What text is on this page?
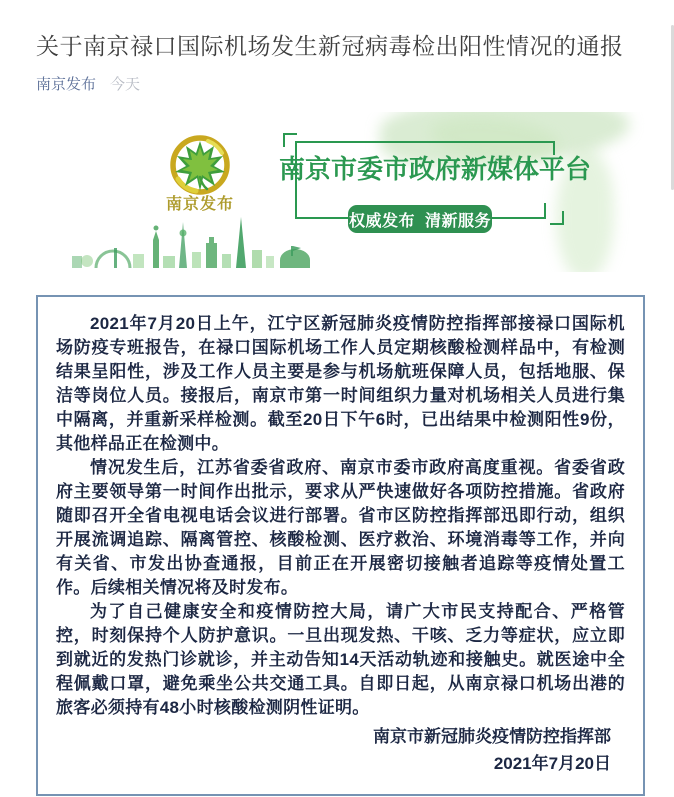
关于南京禄口国际机场发生新冠病毒检出阳性情况的通报
南京发布 今天
南京发布
南京市委市政府新媒体平台
权威发布  清新服务

2021年7月20日上午，江宁区新冠肺炎疫情防控指挥部接禄口国际机场防疫专班报告，在禄口国际机场工作人员定期核酸检测样品中，有检测结果呈阳性，涉及工作人员主要是参与机场航班保障人员，包括地服、保洁等岗位人员。接报后，南京市第一时间组织力量对机场相关人员进行集中隔离，并重新采样检测。截至20日下午6时，已出结果中检测阳性9份，其他样品正在检测中。

情况发生后，江苏省委省政府、南京市委市政府高度重视。省委省政府主要领导第一时间作出批示，要求从严快速做好各项防控措施。省政府随即召开全省电视电话会议进行部署。省市区防控指挥部迅即行动，组织开展流调追踪、隔离管控、核酸检测、医疗救治、环境消毒等工作，并向有关省、市发出协查通报，目前正在开展密切接触者追踪等疫情处置工作。后续相关情况将及时发布。

为了自己健康安全和疫情防控大局，请广大市民支持配合、严格管控，时刻保持个人防护意识。一旦出现发热、干咳、乏力等症状，应立即到就近的发热门诊就诊，并主动告知14天活动轨迹和接触史。就医途中全程佩戴口罩，避免乘坐公共交通工具。自即日起，从南京禄口机场出港的旅客必须持有48小时核酸检测阴性证明。

南京市新冠肺炎疫情防控指挥部
2021年7月20日
